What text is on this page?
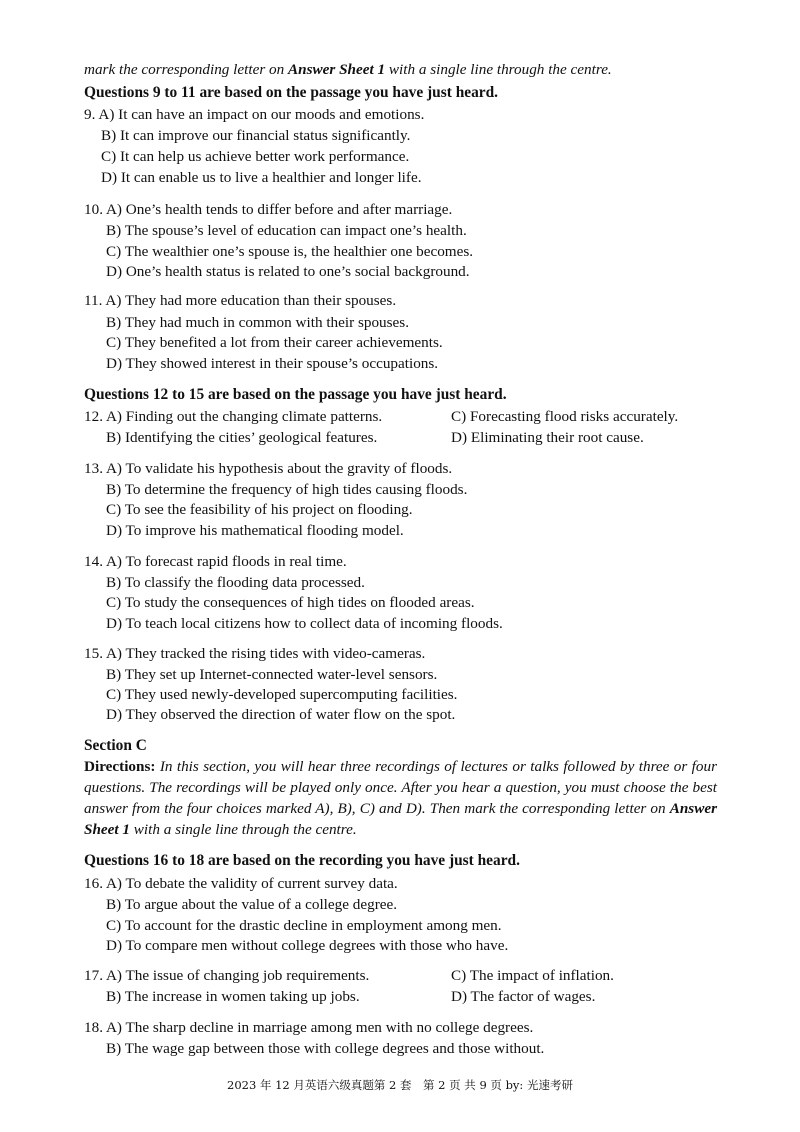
mark the corresponding letter on Answer Sheet 1 with a single line through the centre.
Questions 9 to 11 are based on the passage you have just heard.
9. A) It can have an impact on our moods and emotions.
B) It can improve our financial status significantly.
C) It can help us achieve better work performance.
D) It can enable us to live a healthier and longer life.
10. A) One’s health tends to differ before and after marriage.
B) The spouse’s level of education can impact one’s health.
C) The wealthier one’s spouse is, the healthier one becomes.
D) One’s health status is related to one’s social background.
11. A) They had more education than their spouses.
B) They had much in common with their spouses.
C) They benefited a lot from their career achievements.
D) They showed interest in their spouse’s occupations.
Questions 12 to 15 are based on the passage you have just heard.
12. A) Finding out the changing climate patterns.	C) Forecasting flood risks accurately.
B) Identifying the cities’ geological features.	D) Eliminating their root cause.
13. A) To validate his hypothesis about the gravity of floods.
B) To determine the frequency of high tides causing floods.
C) To see the feasibility of his project on flooding.
D) To improve his mathematical flooding model.
14. A) To forecast rapid floods in real time.
B) To classify the flooding data processed.
C) To study the consequences of high tides on flooded areas.
D) To teach local citizens how to collect data of incoming floods.
15. A) They tracked the rising tides with video-cameras.
B) They set up Internet-connected water-level sensors.
C) They used newly-developed supercomputing facilities.
D) They observed the direction of water flow on the spot.
Section C
Directions: In this section, you will hear three recordings of lectures or talks followed by three or four questions. The recordings will be played only once. After you hear a question, you must choose the best answer from the four choices marked A), B), C) and D). Then mark the corresponding letter on Answer Sheet 1 with a single line through the centre.
Questions 16 to 18 are based on the recording you have just heard.
16. A) To debate the validity of current survey data.
B) To argue about the value of a college degree.
C) To account for the drastic decline in employment among men.
D) To compare men without college degrees with those who have.
17. A) The issue of changing job requirements.	C) The impact of inflation.
B) The increase in women taking up jobs.	D) The factor of wages.
18. A) The sharp decline in marriage among men with no college degrees.
B) The wage gap between those with college degrees and those without.
2023 年 12 月英语六级真题第 2 套　第 2 页 共 9 页 by: 光速考研
